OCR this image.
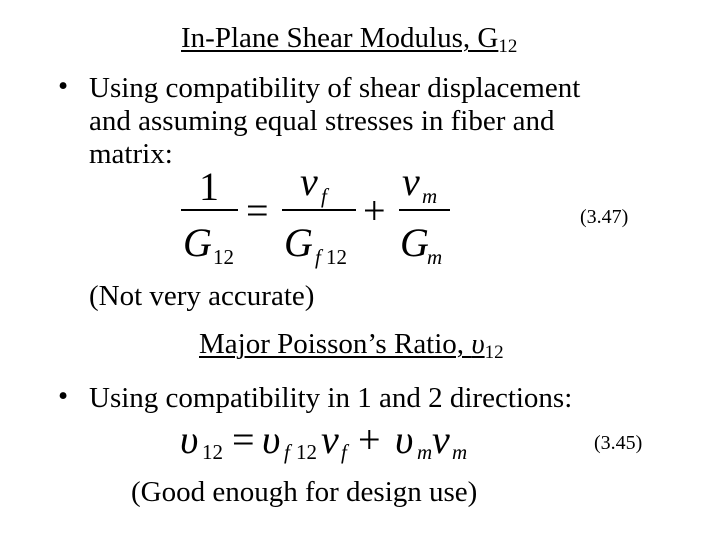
In-Plane Shear Modulus, $G_{12}$
• Using compatibility of shear displacement
and assuming equal stresses in fiber and
matrix:
1
G 12
=
v f
G f 12
+
v m
G
m
(3.47)
(Not very accurate)
Major Poisson’s Ratio, $\upsilon_{12}$
• Using compatibility in 1 and 2 directions:
υ 12 = υ f 12 v f + υ m v m	(3.45)
(Good enough for design use)
